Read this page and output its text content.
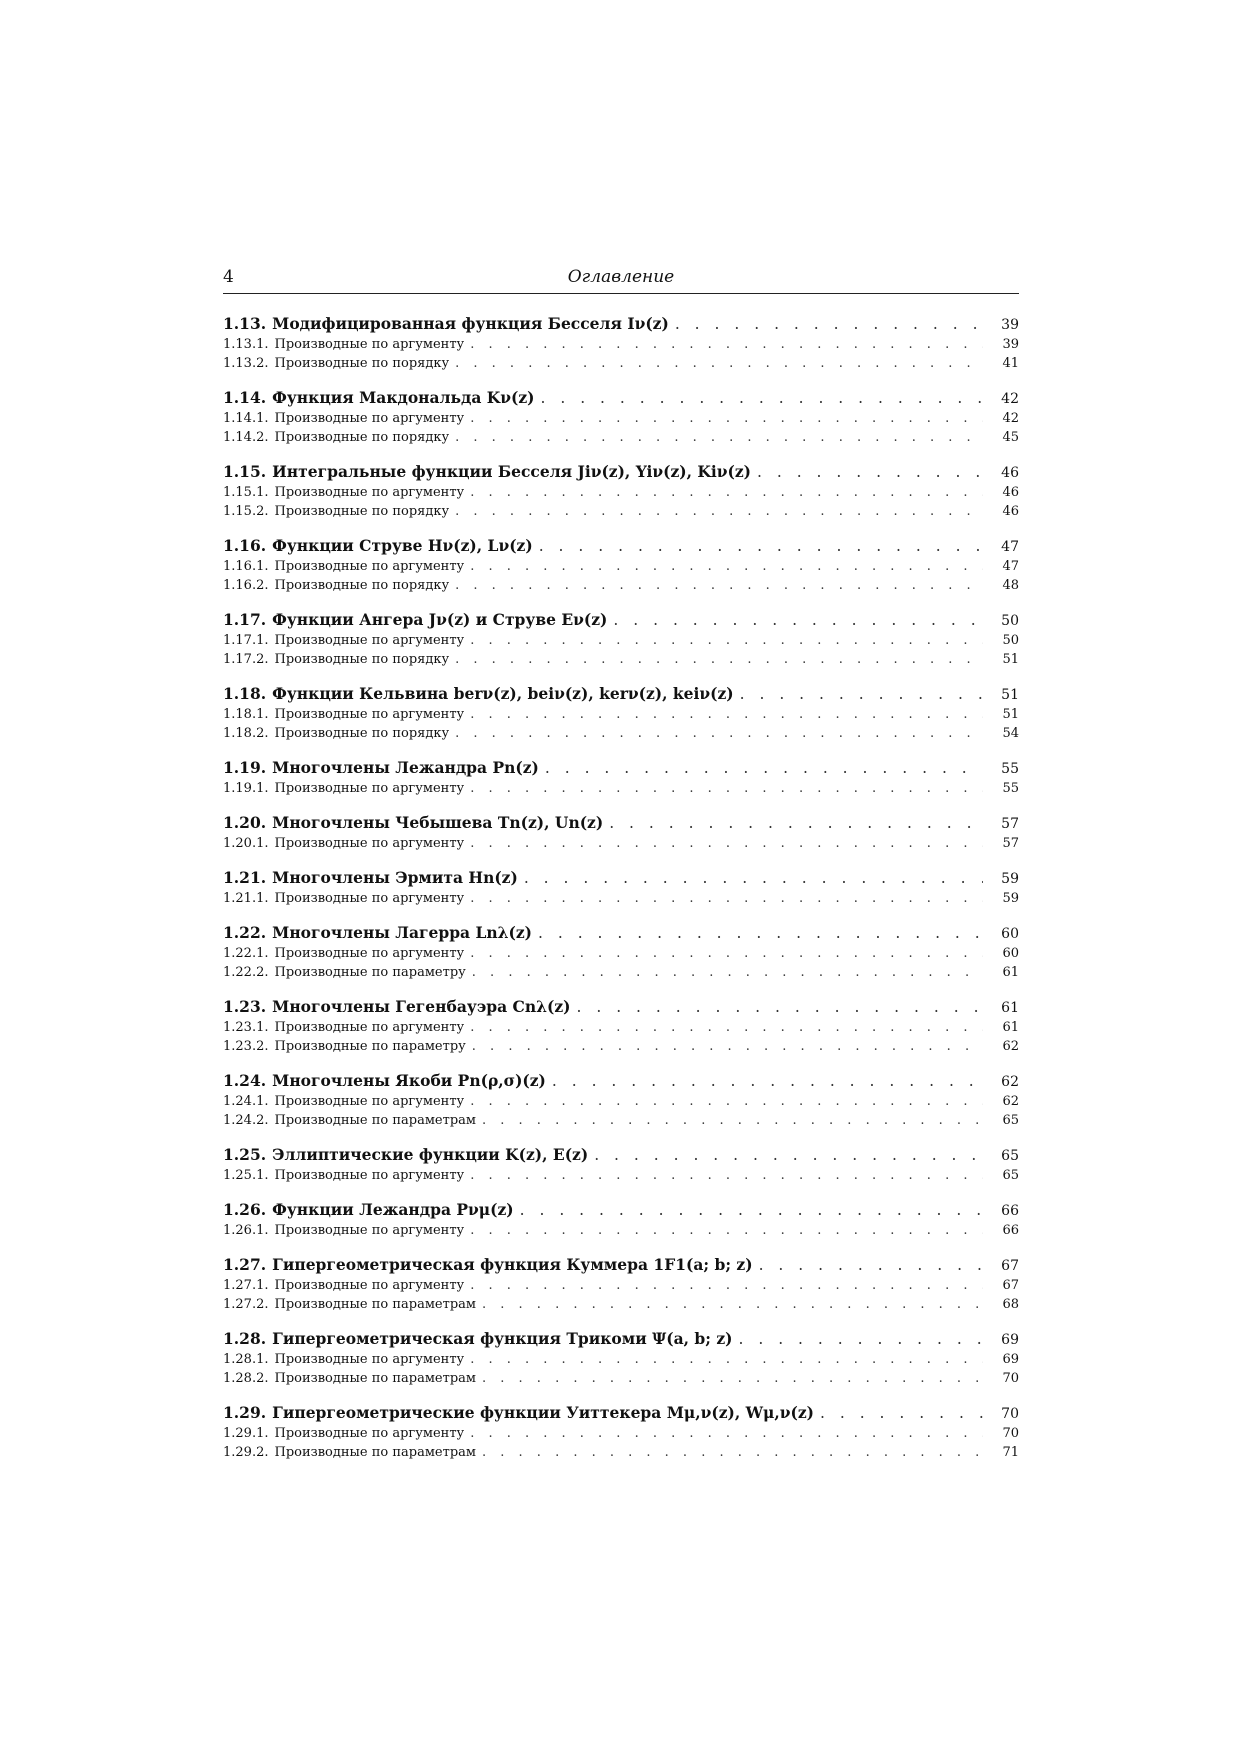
4	Оглавление
1.13. Модифицированная функция Бесселя Iν(z) . . .	39
1.13.1. Производные по аргументу . . .	39
1.13.2. Производные по порядку . . .	41
1.14. Функция Макдональда Kν(z) . . .	42
1.14.1. Производные по аргументу . . .	42
1.14.2. Производные по порядку . . .	45
1.15. Интегральные функции Бесселя Jiν(z), Yiν(z), Kiν(z) . . .	46
1.15.1. Производные по аргументу . . .	46
1.15.2. Производные по порядку . . .	46
1.16. Функции Струве Hν(z), Lν(z) . . .	47
1.16.1. Производные по аргументу . . .	47
1.16.2. Производные по порядку . . .	48
1.17. Функции Ангера Jν(z) и Струве Eν(z) . . .	50
1.17.1. Производные по аргументу . . .	50
1.17.2. Производные по порядку . . .	51
1.18. Функции Кельвина berν(z), beiν(z), kerν(z), keiν(z) . . .	51
1.18.1. Производные по аргументу . . .	51
1.18.2. Производные по порядку . . .	54
1.19. Многочлены Лежандра Pn(z) . . .	55
1.19.1. Производные по аргументу . . .	55
1.20. Многочлены Чебышева Tn(z), Un(z) . . .	57
1.20.1. Производные по аргументу . . .	57
1.21. Многочлены Эрмита Hn(z) . . .	59
1.21.1. Производные по аргументу . . .	59
1.22. Многочлены Лагерра Lnλ(z) . . .	60
1.22.1. Производные по аргументу . . .	60
1.22.2. Производные по параметру . . .	61
1.23. Многочлены Гегенбауэра Cnλ(z) . . .	61
1.23.1. Производные по аргументу . . .	61
1.23.2. Производные по параметру . . .	62
1.24. Многочлены Якоби Pn(ρ,σ)(z) . . .	62
1.24.1. Производные по аргументу . . .	62
1.24.2. Производные по параметрам . . .	65
1.25. Эллиптические функции K(z), E(z) . . .	65
1.25.1. Производные по аргументу . . .	65
1.26. Функции Лежандра Pνμ(z) . . .	66
1.26.1. Производные по аргументу . . .	66
1.27. Гипергеометрическая функция Куммера 1F1(a; b; z) . . .	67
1.27.1. Производные по аргументу . . .	67
1.27.2. Производные по параметрам . . .	68
1.28. Гипергеометрическая функция Трикоми Ψ(a, b; z) . . .	69
1.28.1. Производные по аргументу . . .	69
1.28.2. Производные по параметрам . . .	70
1.29. Гипергеометрические функции Уиттекера Mμ,ν(z), Wμ,ν(z) . . .	70
1.29.1. Производные по аргументу . . .	70
1.29.2. Производные по параметрам . . .	71
